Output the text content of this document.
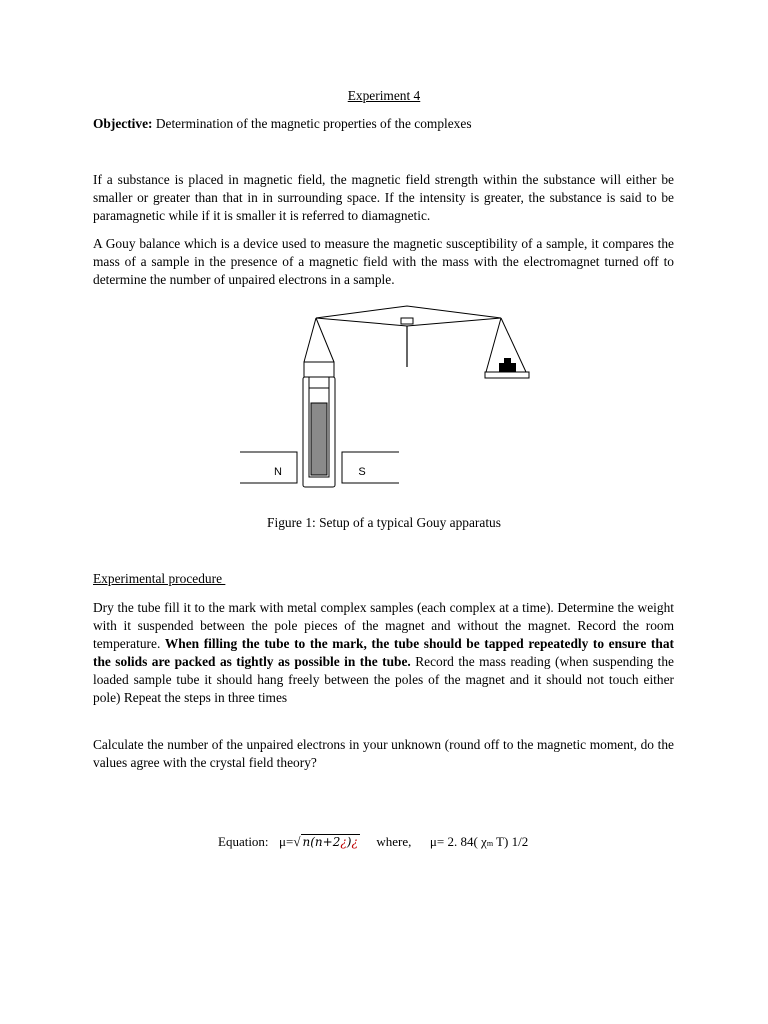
Experiment 4
Objective: Determination of the magnetic properties of the complexes
If a substance is placed in magnetic field, the magnetic field strength within the substance will either be smaller or greater than that in in surrounding space. If the intensity is greater, the substance is said to be paramagnetic while if it is smaller it is referred to diamagnetic.
A Gouy balance which is a device used to measure the magnetic susceptibility of a sample, it compares the mass of a sample in the presence of a magnetic field with the mass with the electromagnet turned off to determine the number of unpaired electrons in a sample.
N	S
Figure 1: Setup of a typical Gouy apparatus
Experimental procedure
Dry the tube fill it to the mark with metal complex samples (each complex at a time). Determine the weight with it suspended between the pole pieces of the magnet and without the magnet. Record the room temperature. When filling the tube to the mark, the tube should be tapped repeatedly to ensure that the solids are packed as tightly as possible in the tube. Record the mass reading (when suspending the loaded sample tube it should hang freely between the poles of the magnet and it should not touch either pole) Repeat the steps in three times
Calculate the number of the unpaired electrons in your unknown (round off to the magnetic moment, do the values agree with the crystal field theory?
Equation: μ=√ n(n+2¿)¿ where, μ= 2. 84( χm T) 1/2
